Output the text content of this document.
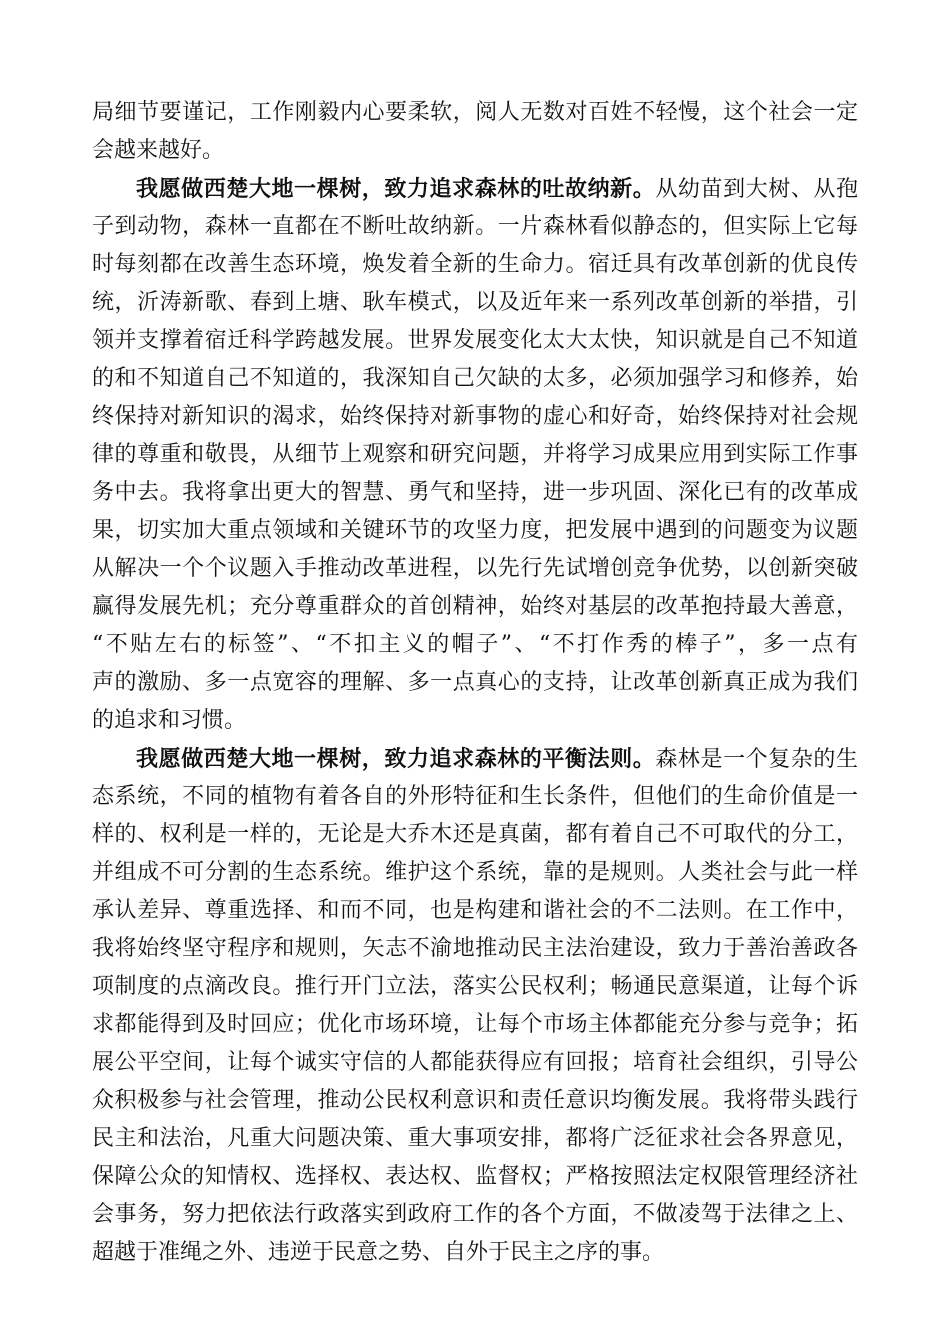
局细节要谨记，工作刚毅内心要柔软，阅人无数对百姓不轻慢，这个社会一定
会越来越好。
我愿做西楚大地一棵树，致力追求森林的吐故纳新。从幼苗到大树、从孢
子到动物，森林一直都在不断吐故纳新。一片森林看似静态的，但实际上它每
时每刻都在改善生态环境，焕发着全新的生命力。宿迁具有改革创新的优良传
统，沂涛新歌、春到上塘、耿车模式，以及近年来一系列改革创新的举措，引
领并支撑着宿迁科学跨越发展。世界发展变化太大太快，知识就是自己不知道
的和不知道自己不知道的，我深知自己欠缺的太多，必须加强学习和修养，始
终保持对新知识的渴求，始终保持对新事物的虚心和好奇，始终保持对社会规
律的尊重和敬畏，从细节上观察和研究问题，并将学习成果应用到实际工作事
务中去。我将拿出更大的智慧、勇气和坚持，进一步巩固、深化已有的改革成
果，切实加大重点领域和关键环节的攻坚力度，把发展中遇到的问题变为议题
从解决一个个议题入手推动改革进程，以先行先试增创竞争优势，以创新突破
赢得发展先机；充分尊重群众的首创精神，始终对基层的改革抱持最大善意，
“不贴左右的标签”、“不扣主义的帽子”、“不打作秀的棒子”，多一点有
声的激励、多一点宽容的理解、多一点真心的支持，让改革创新真正成为我们
的追求和习惯。
我愿做西楚大地一棵树，致力追求森林的平衡法则。森林是一个复杂的生
态系统，不同的植物有着各自的外形特征和生长条件，但他们的生命价值是一
样的、权利是一样的，无论是大乔木还是真菌，都有着自己不可取代的分工，
并组成不可分割的生态系统。维护这个系统，靠的是规则。人类社会与此一样
承认差异、尊重选择、和而不同，也是构建和谐社会的不二法则。在工作中，
我将始终坚守程序和规则，矢志不渝地推动民主法治建设，致力于善治善政各
项制度的点滴改良。推行开门立法，落实公民权利；畅通民意渠道，让每个诉
求都能得到及时回应；优化市场环境，让每个市场主体都能充分参与竞争；拓
展公平空间，让每个诚实守信的人都能获得应有回报；培育社会组织，引导公
众积极参与社会管理，推动公民权利意识和责任意识均衡发展。我将带头践行
民主和法治，凡重大问题决策、重大事项安排，都将广泛征求社会各界意见，
保障公众的知情权、选择权、表达权、监督权；严格按照法定权限管理经济社
会事务，努力把依法行政落实到政府工作的各个方面，不做凌驾于法律之上、
超越于准绳之外、违逆于民意之势、自外于民主之序的事。
